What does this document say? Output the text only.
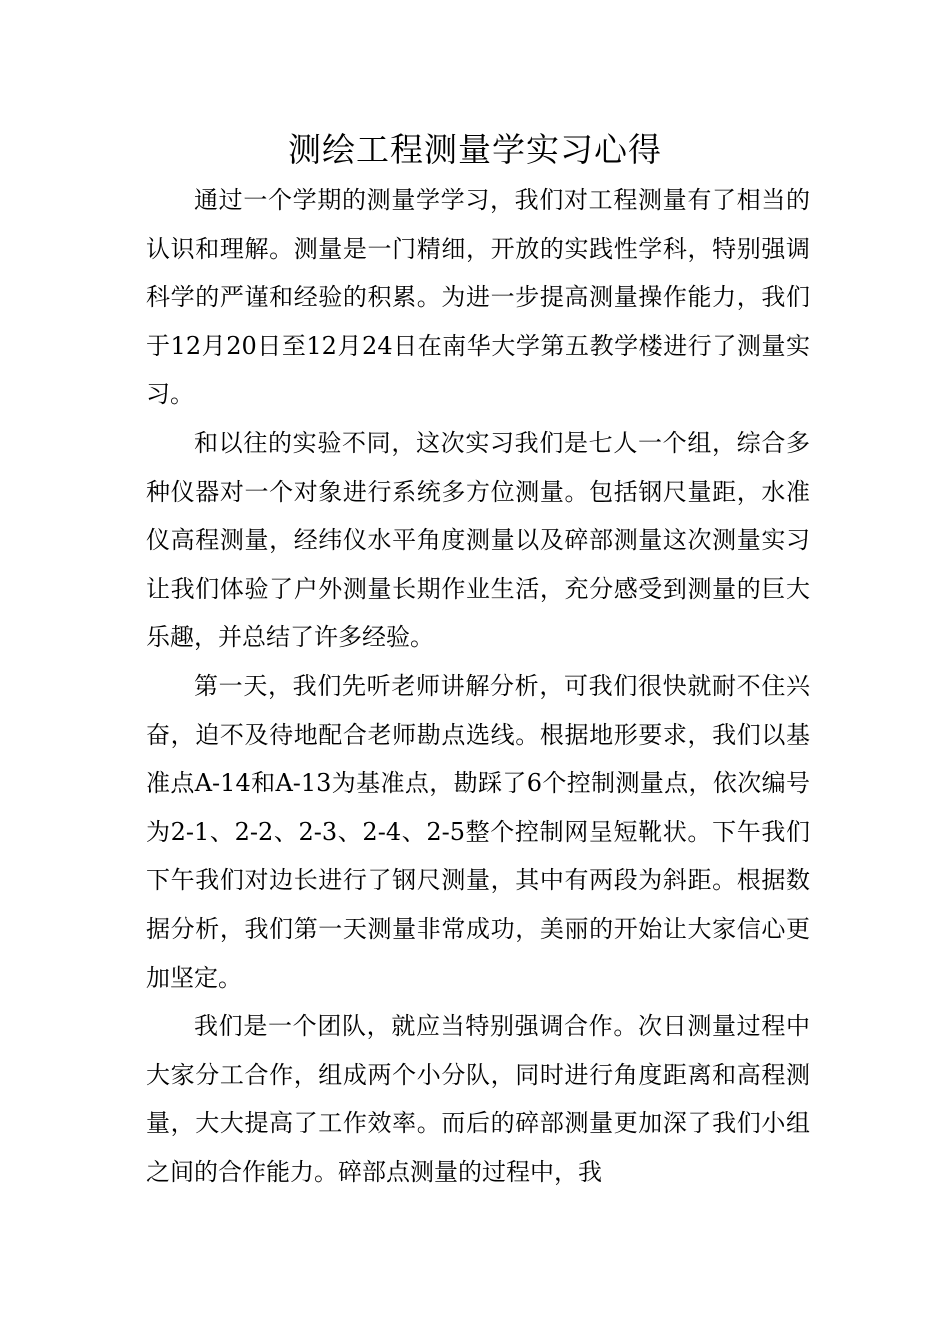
测绘工程测量学实习心得

通过一个学期的测量学学习，我们对工程测量有了相当的认识和理解。测量是一门精细，开放的实践性学科，特别强调科学的严谨和经验的积累。为进一步提高测量操作能力，我们于12月20日至12月24日在南华大学第五教学楼进行了测量实习。

和以往的实验不同，这次实习我们是七人一个组，综合多种仪器对一个对象进行系统多方位测量。包括钢尺量距，水准仪高程测量，经纬仪水平角度测量以及碎部测量这次测量实习让我们体验了户外测量长期作业生活，充分感受到测量的巨大乐趣，并总结了许多经验。

第一天，我们先听老师讲解分析，可我们很快就耐不住兴奋，迫不及待地配合老师勘点选线。根据地形要求，我们以基准点A-14和A-13为基准点，勘踩了6个控制测量点，依次编号为2-1、2-2、2-3、2-4、2-5整个控制网呈短靴状。下午我们下午我们对边长进行了钢尺测量，其中有两段为斜距。根据数据分析，我们第一天测量非常成功，美丽的开始让大家信心更加坚定。

我们是一个团队，就应当特别强调合作。次日测量过程中大家分工合作，组成两个小分队，同时进行角度距离和高程测量，大大提高了工作效率。而后的碎部测量更加深了我们小组之间的合作能力。碎部点测量的过程中，我
